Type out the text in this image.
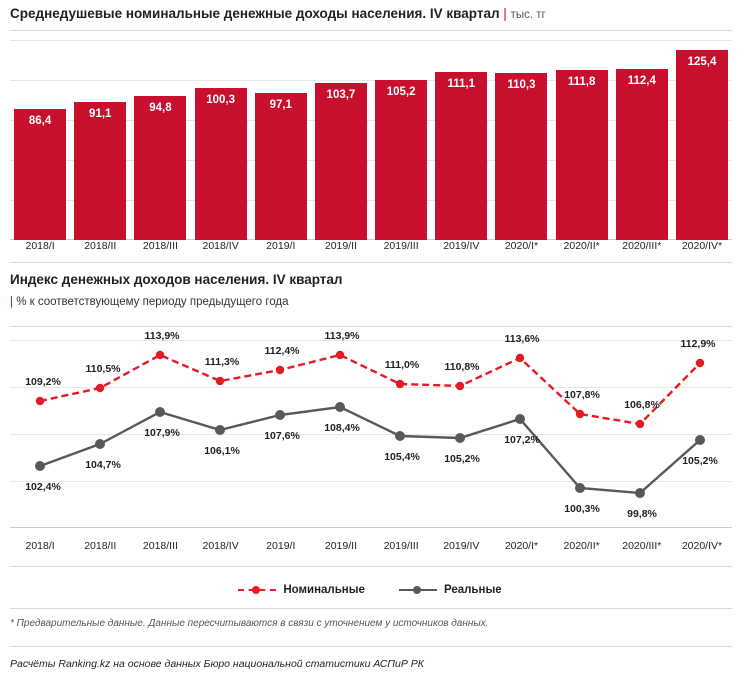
Среднедушевые номинальные денежные доходы населения. IV квартал | тыс. тг
86,4
91,1	94,8
100,3	97,1
103,7	105,2
111,1	110,3	111,8	112,4
125,4
2018/I	2018/II	2018/III	2018/IV	2019/I	2019/II	2019/III	2019/IV	2020/I*	2020/II*	2020/III*	2020/IV*
Индекс денежных доходов населения. IV квартал
| % к соответствующему периоду предыдущего года
109,2%
110,5%
113,9%
111,3%
112,4%
113,9%
111,0% 110,8%
113,6%
107,8%
106,8%
112,9%
102,4%
104,7%
107,9%
106,1%
107,6%
108,4%
105,4% 105,2%
107,2%
100,3%	99,8%
105,2%
2018/I	2018/II	2018/III	2018/IV	2019/I	2019/II	2019/III	2019/IV	2020/I*	2020/II*	2020/III*	2020/IV*
Номинальные	Реальные
* Предварительные данные. Данные пересчитываются в связи с уточнением у источников данных.
Расчёты Ranking.kz на основе данных Бюро национальной статистики АСПиР РК
